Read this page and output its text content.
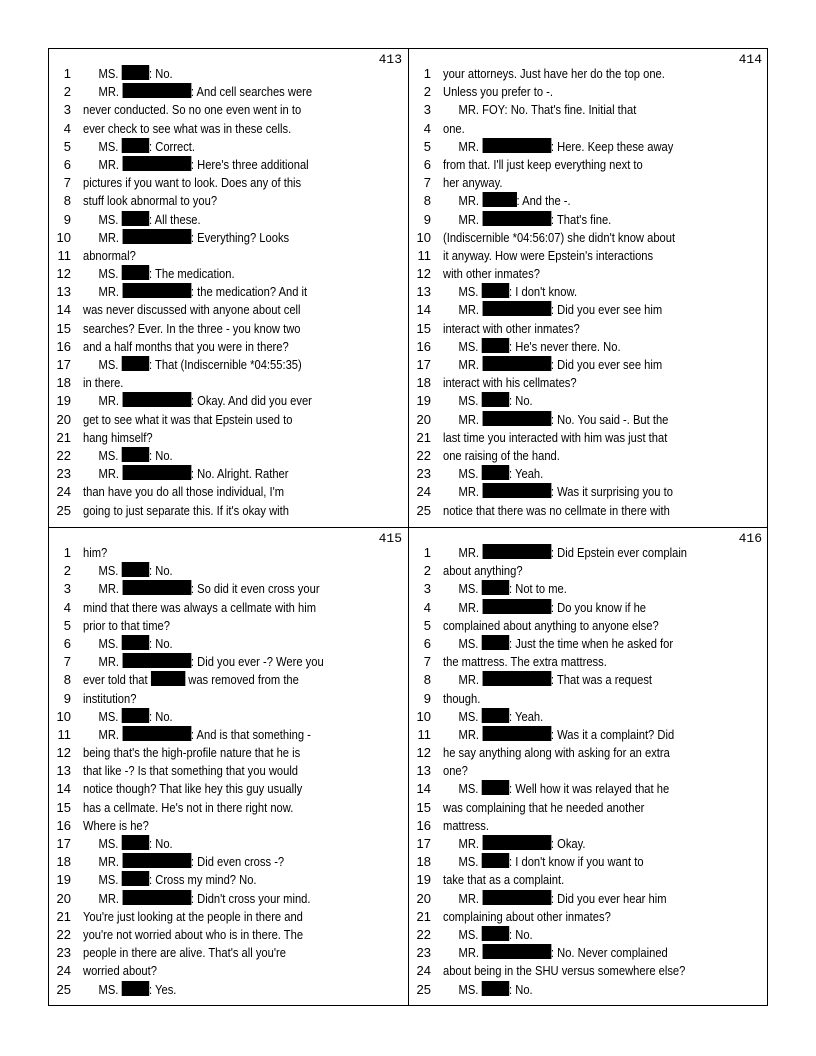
413

1 MS. : No.
2 MR.	: And cell searches were
3 never conducted. So no one even went in to
4 ever check to see what was in these cells.
5 MS. : Correct.
6 MR.	: Here's three additional
7 pictures if you want to look. Does any of this
8 stuff look abnormal to you?
9 MS. : All these.
10 MR.	: Everything? Looks
11 abnormal?
12 MS. : The medication.
13 MR.	: the medication? And it
14 was never discussed with anyone about cell
15 searches? Ever. In the three - you know two
16 and a half months that you were in there?
17 MS. : That (Indiscernible *04:55:35)
18 in there.
19 MR.	: Okay. And did you ever
20 get to see what it was that Epstein used to
21 hang himself?
22 MS. : No.
23 MR.	: No. Alright. Rather
24 than have you do all those individual, I'm
25 going to just separate this. If it's okay with

414

1 your attorneys. Just have her do the top one.
2 Unless you prefer to -.
3 MR. FOY: No. That's fine. Initial that
4 one.
5 MR.	: Here. Keep these away
6 from that. I'll just keep everything next to
7 her anyway.
8 MR.	: And the -.
9 MR.	: That's fine.
10 (Indiscernible *04:56:07) she didn't know about
11 it anyway. How were Epstein's interactions
12 with other inmates?
13 MS. : I don't know.
14 MR.	: Did you ever see him
15 interact with other inmates?
16 MS. : He's never there. No.
17 MR.	: Did you ever see him
18 interact with his cellmates?
19 MS. : No.
20 MR.	: No. You said -. But the
21 last time you interacted with him was just that
22 one raising of the hand.
23 MS. : Yeah.
24 MR.	: Was it surprising you to
25 notice that there was no cellmate in there with

415

1 him?
2 MS. : No.
3 MR.	: So did it even cross your
4 mind that there was always a cellmate with him
5 prior to that time?
6 MS. : No.
7 MR.	: Did you ever -? Were you
8 ever told that	was removed from the
9 institution?
10 MS. : No.
11 MR.	: And is that something -
12 being that's the high-profile nature that he is
13 that like -? Is that something that you would
14 notice though? That like hey this guy usually
15 has a cellmate. He's not in there right now.
16 Where is he?
17 MS. : No.
18 MR.	: Did even cross -?
19 MS. : Cross my mind? No.
20 MR.	: Didn't cross your mind.
21 You're just looking at the people in there and
22 you're not worried about who is in there. The
23 people in there are alive. That's all you're
24 worried about?
25 MS. : Yes.

416

1 MR.	: Did Epstein ever complain
2 about anything?
3 MS. : Not to me.
4 MR.	: Do you know if he
5 complained about anything to anyone else?
6 MS. : Just the time when he asked for
7 the mattress. The extra mattress.
8 MR.	: That was a request
9 though.
10 MS. : Yeah.
11 MR.	: Was it a complaint? Did
12 he say anything along with asking for an extra
13 one?
14 MS. : Well how it was relayed that he
15 was complaining that he needed another
16 mattress.
17 MR.	: Okay.
18 MS. : I don't know if you want to
19 take that as a complaint.
20 MR.	: Did you ever hear him
21 complaining about other inmates?
22 MS. : No.
23 MR.	: No. Never complained
24 about being in the SHU versus somewhere else?
25 MS. : No.
